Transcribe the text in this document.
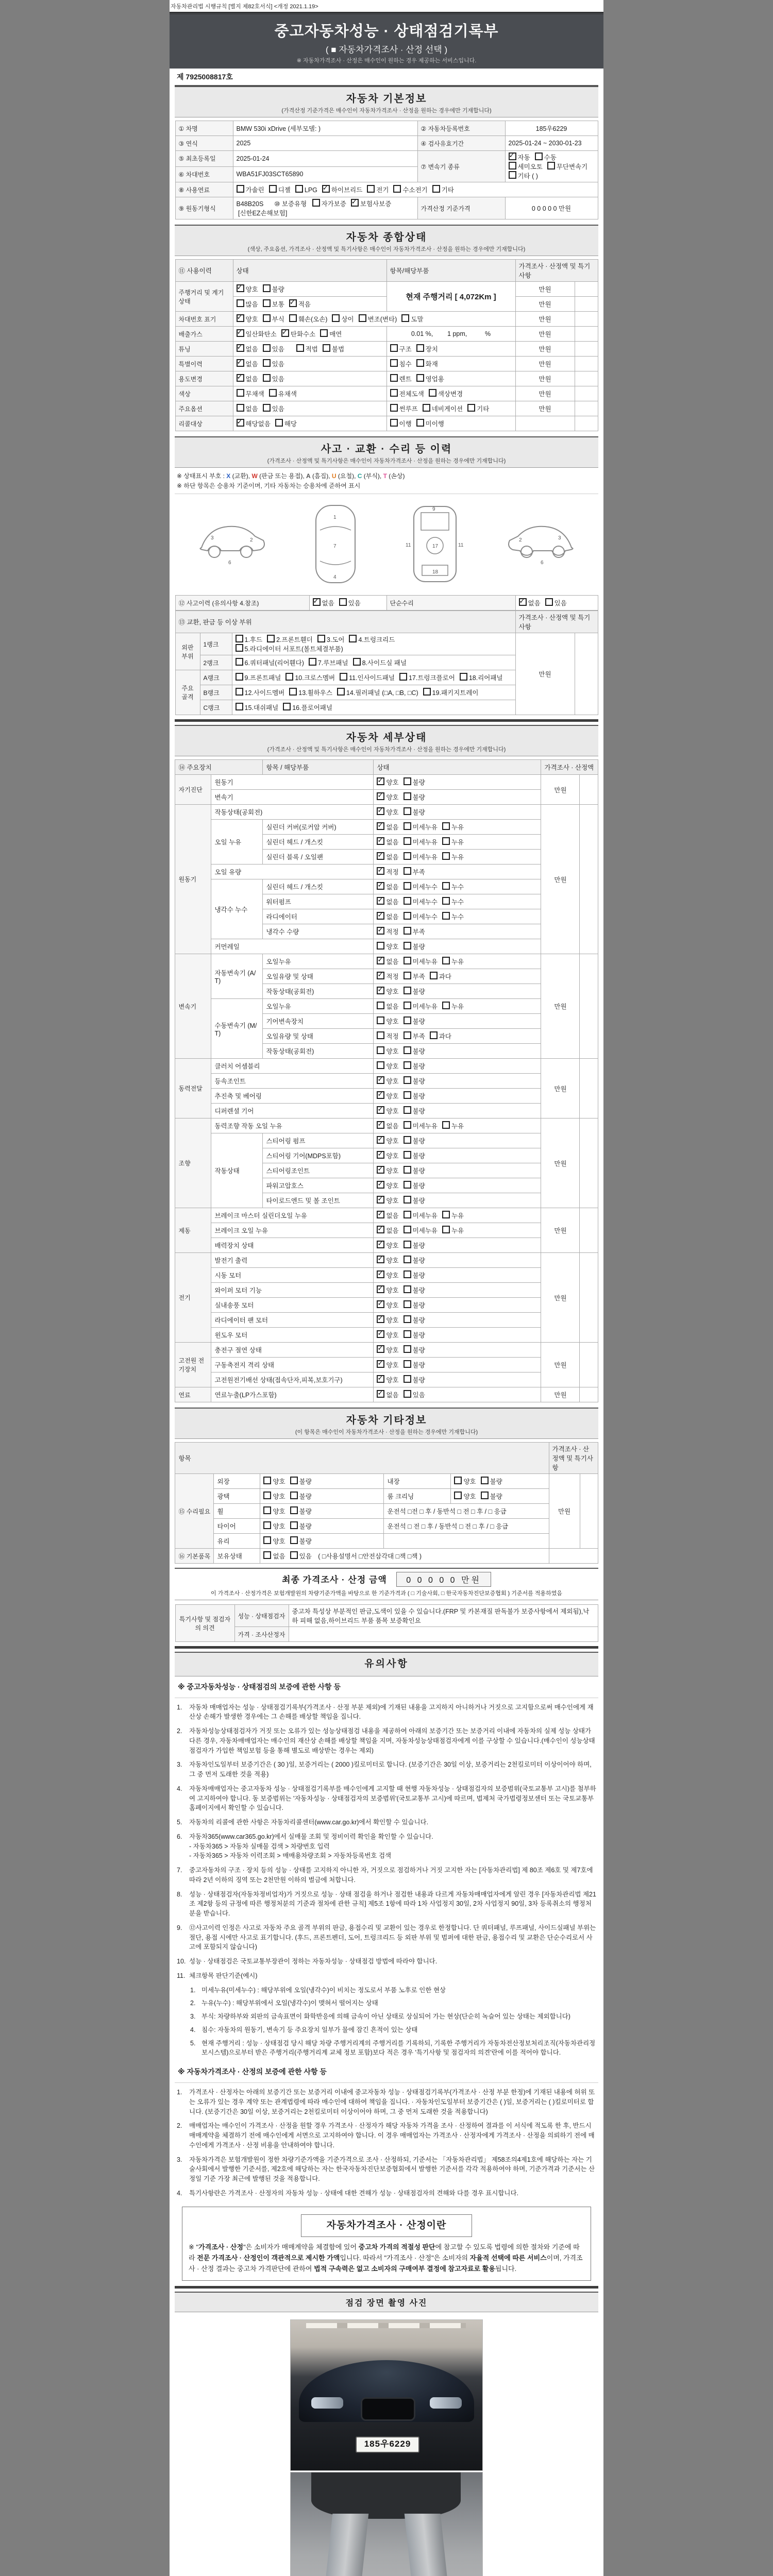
자동차관리법 시행규칙 [별지 제82호서식] <개정 2021.1.19>
중고자동차성능 · 상태점검기록부
( ■ 자동차가격조사 · 산정 선택 )
※ 자동차가격조사 · 산정은 매수인이 원하는 경우 제공하는 서비스입니다.
제 7925008817호
자동차 기본정보
(가격산정 기준가격은 매수인이 자동차가격조사 · 산정을 원하는 경우에만 기재합니다)
① 차명	BMW 530i xDrive (세부모델: )	② 자동차등록번호	185우6229
③ 연식	2025	④ 검사유효기간	2025-01-24 ~ 2030-01-23
⑤ 최초등록일	2025-01-24	⑦ 변속기 종류	✓자동 수동세미오토 무단변속기기타 ( )
⑥ 차대번호	WBA51FJ03SCT65890		
⑧ 사용연료	가솔린 디젤 LPG ✓ 하이브리드 전기 수소전기 기타
⑨ 원동기형식	B48B20S      ⑩ 보증유형   자가보증 ✓ 보험사보증 [신한EZ손해보험]	가격산정 기준가격	0 0 0 0 0 만원
자동차 종합상태
(색상, 주요옵션, 가격조사 · 산정액 및 특기사항은 매수인이 자동차가격조사 · 산정을 원하는 경우에만 기재합니다)
⑪ 사용이력	상태	항목/해당부품	가격조사 · 산정액 및 특기사항	
주행거리 및 계기상태	✓양호 불량	현재 주행거리 [ 4,072Km ]	만원	
	많음 보통 ✓ 적음		만원	
차대번호 표기	✓양호 부식 훼손(오손) 상이 변조(변타) 도말		만원	
배출가스	✓일산화탄소 ✓ 탄화수소 매연	0.01 %,        1 ppm,          %	만원	
튜닝	✓없음 있음 적법 불법	구조 장치	만원	
특별이력	✓없음 있음	침수 화재	만원	
용도변경	✓없음 있음	렌트 영업용	만원	
색상	무채색 유채색	전체도색 색상변경	만원	
주요옵션	없음 있음	썬루프 네비게이션 기타	만원	
리콜대상	✓해당없음 해당	이행 미이행		
사고 · 교환 · 수리 등 이력
(가격조사 · 산정액 및 특기사항은 매수인이 자동차가격조사 · 산정을 원하는 경우에만 기재합니다)
※ 상태표시 부호 : X (교환), W (판금 또는 용접), A (흠집), U (요철), C (부식), T (손상)
※ 하단 항목은 승용차 기준이며, 기타 자동차는 승용차에 준하여 표시
3	2
6
1
7
4
11	11
9
17
18
3
2
6
⑫ 사고이력 (유의사항 4.참조)	✓없음 있음	단순수리	✓없음 있음
⑬ 교환, 판금 등 이상 부위			가격조사 · 산정액 및 특기사항	
외판 부위	1랭크	1.후드 2.프론트휀더 3.도어 4.트렁크리드5.라디에이터 서포트(볼트체결부품)	만원	
	2랭크	6.쿼터패널(리어휀다) 7.루브패널 8.사이드실 패널		
주요 골격	A랭크	9.프론트패널 10.크로스멤버 11.인사이드패널 17.트렁크플로어 18.리어패널		
	B랭크	12.사이드멤버 13.휠하우스 14.필러패널 (□A, □B, □C) 19.패키지트레이		
	C랭크	15.대쉬패널 16.플로어패널		
자동차 세부상태
(가격조사 · 산정액 및 특기사항은 매수인이 자동차가격조사 · 산정을 원하는 경우에만 기재합니다)
⑭ 주요장치		항목 / 해당부품	상태	가격조사 · 산정액	
자기진단	원동기	✓양호 불량	만원	
	변속기	✓양호 불량
원동기	작동상태(공회전)	✓양호 불량	만원	
	오일 누유	실린더 커버(로커암 커버)	✓없음 미세누유 누유
		실린더 헤드 / 개스킷	✓없음 미세누유 누유
		실린더 블록 / 오일팬	✓없음 미세누유 누유
	오일 유량	✓적정 부족
	냉각수 누수	실린더 헤드 / 개스킷	✓없음 미세누수 누수
		워터펌프	✓없음 미세누수 누수
		라디에이터	✓없음 미세누수 누수
		냉각수 수량	✓적정 부족
	커먼레일		양호 불량		
변속기	자동변속기 (A/T)	오일누유	✓없음 미세누유 누유	만원	
		오일유량 및 상태	✓적정 부족 과다
		작동상태(공회전)	✓양호 불량
	수동변속기 (M/T)	오일누유	없음 미세누유 누유		
		기어변속장치	양호 불량		
		오일유량 및 상태	적정 부족 과다		
		작동상태(공회전)	양호 불량		
동력전달	클러치 어셈블리		양호 불량	만원	
	등속조인트	✓양호 불량
	추진축 및 베어링	✓양호 불량
	디퍼렌셜 기어	✓양호 불량
조향	동력조향 작동 오일 누유	✓없음 미세누유 누유	만원	
	작동상태	스티어링 펌프	✓양호 불량
		스티어링 기어(MDPS포함)	✓양호 불량
		스티어링조인트	✓양호 불량
		파워고압호스	✓양호 불량
		타이로드엔드 및 볼 조인트	✓양호 불량
제동	브레이크 마스터 실린더오일 누유	✓없음 미세누유 누유	만원	
	브레이크 오일 누유	✓없음 미세누유 누유
	배력장치 상태	✓양호 불량
전기	발전기 출력	✓양호 불량	만원	
	시동 모터	✓양호 불량
	와이퍼 모터 기능	✓양호 불량
	실내송풍 모터	✓양호 불량
	라디에이터 팬 모터	✓양호 불량
	윈도우 모터	✓양호 불량
고전원 전기장치	충전구 절연 상태	✓양호 불량	만원	
	구동축전지 격리 상태	✓양호 불량
	고전원전기배선 상태(접속단자,피복,보호기구)	✓양호 불량
연료	연료누출(LP가스포함)	✓없음 있음	만원	
자동차 기타정보
(이 항목은 매수인이 자동차가격조사 · 산정을 원하는 경우에만 기재합니다)
항목					가격조사 · 산정액 및 특기사항	
⑮ 수리필요	외장	양호 불량	내장	양호 불량	만원	
	광택	양호 불량	룸 크리닝	양호 불량		
	휠	양호 불량	운전석 □전 □ 후 / 동반석 □ 전 □ 후 / □ 응급			
	타이어	양호 불량	운전석 □ 전 □ 후 / 동반석 □ 전 □ 후 / □ 응급			
	유리	양호 불량				
⑯ 기본품목	보유상태	없음 있음 ( □사용설명서 □안전삼각대 □잭 □잭 )				
최종 가격조사 · 산정 금액 0 0 0 0 0 만원
이 가격조사 · 산정가격은 보험개발원의 차량기준가액을 바탕으로 한 기준가격과 ( □ 기술사회, □ 한국자동차진단보증협회 ) 기준서를 적용하였음
특기사항 및 점검자의 의견	성능 · 상태점검자	중고차 특성상 부분적인 판금,도색이 있을 수 있습니다.(FRP 및 카본재질 판독불가 보증사항에서 제외됨),낙하 피해 없음,하이브리드 부품 품목 보증확인요
	가격 · 조사산정자	
유의사항
※ 중고자동차성능 · 상태점검의 보증에 관한 사항 등
1.	자동차 매매업자는 성능 · 상태점검기록부(가격조사 · 산정 부분 제외)에 기재된 내용을 고지하지 아니하거나 거짓으로 고지함으로써 매수인에게 재산상 손해가 발생한 경우에는 그 손해를 배상할 책임을 집니다.
2.	자동차성능상태점검자가 거짓 또는 오류가 있는 성능상태점검 내용을 제공하여 아래의 보증기간 또는 보증거리 이내에 자동차의 실제 성능 상태가 다른 경우, 자동차매매업자는 매수인의 재산상 손해를 배상할 책임을 지며, 자동차성능상태점검자에게 이를 구상할 수 있습니다.(매수인이 성능상태점검자가 가입한 책임보험 등을 통해 별도로 배상받는 경우는 제외)
3.	자동차인도일부터 보증기간은 ( 30 )일, 보증거리는 ( 2000 )킬로미터로 합니다. (보증기간은 30일 이상, 보증거리는 2천킬로미터 이상이어야 하며, 그 중 먼저 도래한 것을 적용)
4.	자동차매매업자는 중고자동차 성능 · 상태점검기록부를 매수인에게 고지할 때 현행 자동차성능 · 상태점검자의 보증범위(국토교통부 고시)를 첨부하여 고지하여야 합니다. 동 보증범위는 '자동차성능 · 상태점검자의 보증범위'(국토교통부 고시)에 따르며, 법제처 국가법령정보센터 또는 국토교통부 홈페이지에서 확인할 수 있습니다.
5.	자동차의 리콜에 관한 사항은 자동차리콜센터(www.car.go.kr)에서 확인할 수 있습니다.
6.	자동차365(www.car365.go.kr)에서 실매물 조회 및 정비이력 확인을 확인할 수 있습니다.
- 자동차365 > 자동차 실매물 검색 > 차량번호 입력
- 자동차365 > 자동차 이력조회 > 매매용차량조회 > 자동차등록번호 검색
7.	중고자동차의 구조 · 장치 등의 성능 · 상태를 고지하지 아니한 자, 거짓으로 점검하거나 거짓 고지한 자는 [자동차관리법] 제 80조 제6호 및 제7호에 따라 2년 이하의 징역 또는 2천만원 이하의 벌금에 처합니다.
8.	성능 · 상태점검자(자동차정비업자)가 거짓으로 성능 · 상태 점검을 하거나 점검한 내용과 다르게 자동차매매업자에게 알린 경우 [자동차관리법 제21조 제2항 등의 규정에 따른 행정처분의 기준과 절차에 관한 규칙] 제5조 1항에 따라 1차 사업정지 30일, 2차 사업정지 90일, 3차 등록취소의 행정처분을 받습니다.
9.	⑫사고이력 인정은 사고로 자동차 주요 골격 부위의 판금, 용접수리 및 교환이 있는 경우로 한정합니다. 단 쿼터패널, 루프패널, 사이드실패널 부위는 절단, 용접 시에만 사고로 표기합니다. (후드, 프론트펜더, 도어, 트렁크리드 등 외판 부위 및 범퍼에 대한 판금, 용접수리 및 교환은 단순수리로서 사고에 포함되지 않습니다)
10. 성능 · 상태점검은 국토교통부장관이 정하는 자동차성능 · 상태점검 방법에 따라야 합니다.
11. 체크항목 판단기준(예시)
1. 미세누유(미세누수) : 해당부위에 오일(냉각수)이 비치는 정도로서 부품 노후로 인한 현상
2. 누유(누수) : 해당부위에서 오일(냉각수)이 맺혀서 떨어지는 상태
3. 부식: 차량하부와 외판의 금속표면이 화학반응에 의해 금속이 아닌 상태로 상실되어 가는 현상(단순히 녹슬어 있는 상태는 제외합니다)
4. 침수: 자동차의 원동기, 변속기 등 주요장치 일부가 물에 잠긴 흔적이 있는 상태
5. 현재 주행거리 : 성능 · 상태점검 당시 해당 차량 주행거리계의 주행거리를 기록하되, 기록한 주행거리가 자동차전산정보처리조직(자동차관리정보시스템)으로부터 받은 주행거리(주행거리계 교체 정보 포함)보다 적은 경우 '특기사항 및 점검자의 의견'란에 이를 적어야 합니다.
※ 자동차가격조사 · 산정의 보증에 관한 사항 등
1.	가격조사 · 산정자는 아래의 보증기간 또는 보증거리 이내에 중고자동차 성능 · 상태점검기록부(가격조사 · 산정 부분 한정)에 기재된 내용에 허위 또는 오류가 있는 경우 계약 또는 관계법령에 따라 매수인에 대하여 책임을 집니다. · 자동차인도일부터 보증기간은 ( )일, 보증거리는 ( )킬로미터로 합니다. (보증기간은 30일 이상, 보증거리는 2천킬로미터 이상이어야 하며, 그 중 먼저 도래한 것을 적용합니다)
2.	매매업자는 매수인이 가격조사 · 산정을 원할 경우 가격조사 · 산정자가 해당 자동차 가격을 조사 · 산정하여 결과를 이 서식에 적도록 한 후, 반드시 매매계약을 체결하기 전에 매수인에게 서면으로 고지하여야 합니다. 이 경우 매매업자는 가격조사 · 산정자에게 가격조사 · 산정을 의뢰하기 전에 매수인에게 가격조사 · 산정 비용을 안내하여야 합니다.
3.	자동차가격은 보험개발원이 정한 차량기준가액을 기준가격으로 조사 · 산정하되, 기준서는 「자동차관리법」 제58조의4제1호에 해당하는 자는 기술사회에서 발행한 기준서를, 제2호에 해당하는 자는 한국자동차진단보증협회에서 발행한 기준서를 각각 적용하여야 하며, 기준가격과 기준서는 산정일 기준 가장 최근에 발행된 것을 적용합니다.
4.	특기사항란은 가격조사 · 산정자의 자동차 성능 · 상태에 대한 견해가 성능 · 상태점검자의 견해와 다를 경우 표시합니다.
자동차가격조사 · 산정이란
※ "가격조사 · 산정"은 소비자가 매매계약을 체결함에 있어 중고차 가격의 적절성 판단에 참고할 수 있도록 법령에 의한 절차와 기준에 따라 전문 가격조사 · 산정인이 객관적으로 제시한 가액입니다. 따라서 "가격조사 · 산정"은 소비자의 자율적 선택에 따른 서비스이며, 가격조사 · 산정 결과는 중고차 가격판단에 관하여 법적 구속력은 없고 소비자의 구매여부 결정에 참고자료로 활용됩니다.
점검 장면 촬영 사진
185우6229
